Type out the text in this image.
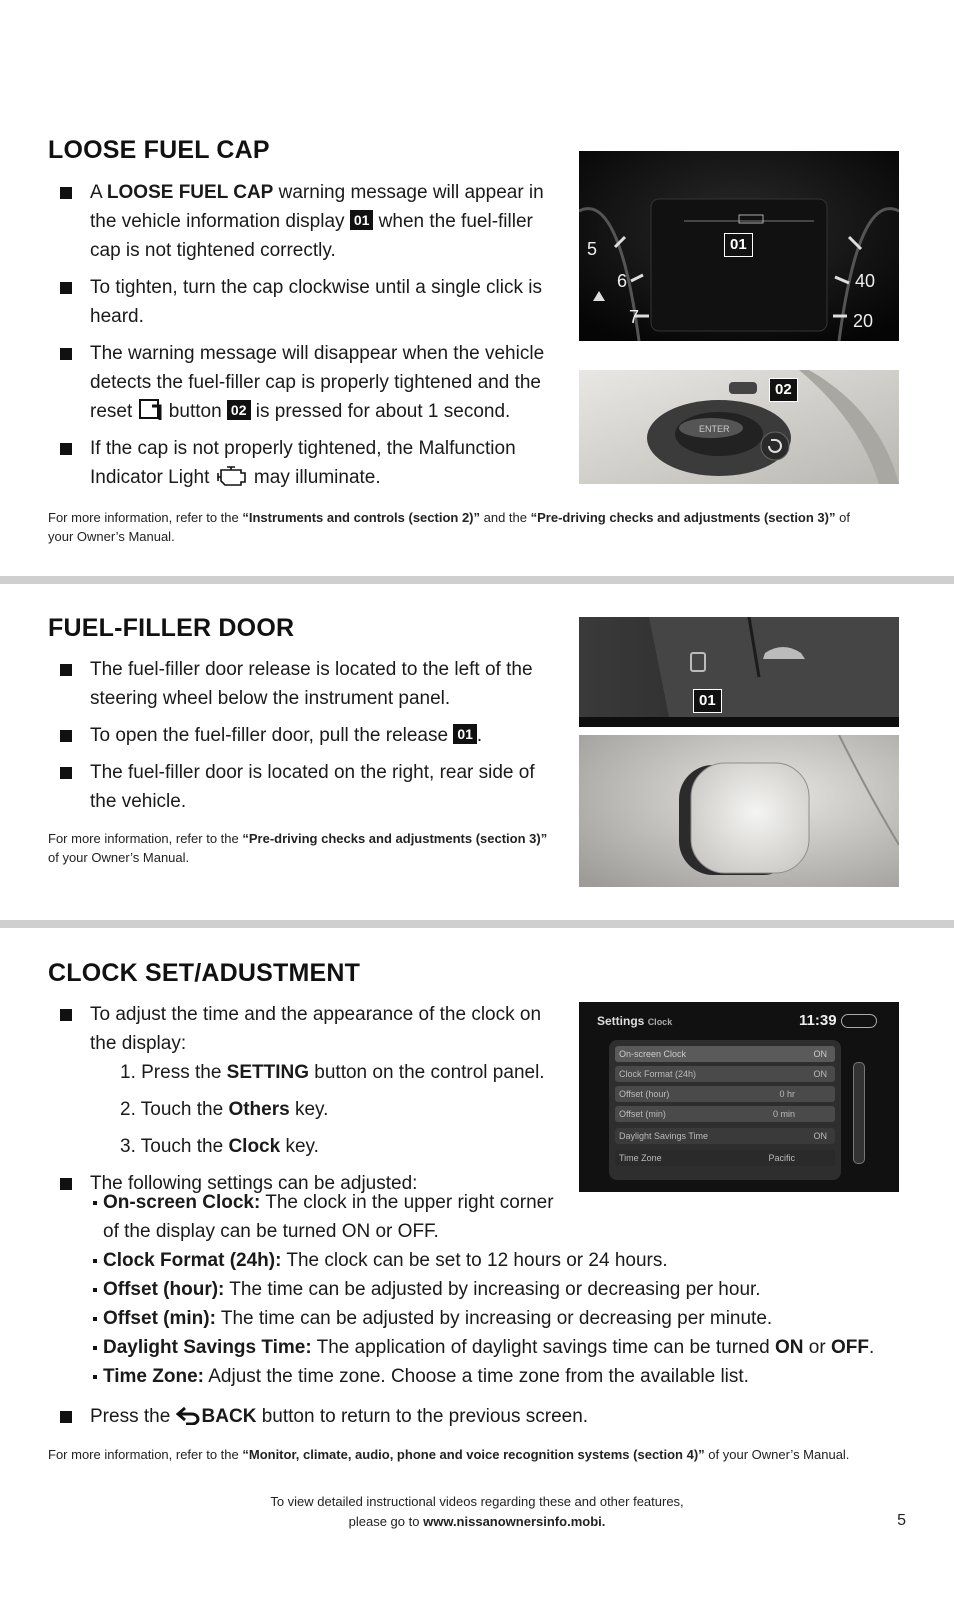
LOOSE FUEL CAP
A LOOSE FUEL CAP warning message will appear in the vehicle information display 01 when the fuel-filler cap is not tightened correctly.
To tighten, turn the cap clockwise until a single click is heard.
The warning message will disappear when the vehicle detects the fuel-filler cap is properly tightened and the reset  button 02 is pressed for about 1 second.
If the cap is not properly tightened, the Malfunction Indicator Light  may illuminate.
5
6
7
40
20
01
ENTER
02
For more information, refer to the “Instruments and controls (section 2)” and the “Pre-driving checks and adjustments (section 3)” of your Owner’s Manual.
FUEL-FILLER DOOR
The fuel-filler door release is located to the left of the steering wheel below the instrument panel.
To open the fuel-filler door, pull the release 01 .
The fuel-filler door is located on the right, rear side of the vehicle.
For more information, refer to the “Pre-driving checks and adjustments (section 3)” of your Owner’s Manual.
01
CLOCK SET/ADUSTMENT
To adjust the time and the appearance of the clock on the display:
1. Press the SETTING button on the control panel.
2. Touch the Others key.
3. Touch the Clock key.
The following settings can be adjusted:
On-screen Clock: The clock in the upper right corner of the display can be turned ON or OFF.
Clock Format (24h): The clock can be set to 12 hours or 24 hours.
Offset (hour): The time can be adjusted by increasing or decreasing per hour.
Offset (min): The time can be adjusted by increasing or decreasing per minute.
Daylight Savings Time: The application of daylight savings time can be turned ON or OFF.
Time Zone: Adjust the time zone. Choose a time zone from the available list.
Press the BACK button to return to the previous screen.
For more information, refer to the “Monitor, climate, audio, phone and voice recognition systems (section 4)” of your Owner’s Manual.
Settings Clock	11:39
On-screen Clock	ON
Clock Format (24h)	ON
Offset (hour)	0 hr
Offset (min)	0 min
Daylight Savings Time	ON
Time Zone	Pacific
To view detailed instructional videos regarding these and other features,
please go to www.nissanownersinfo.mobi.	5
